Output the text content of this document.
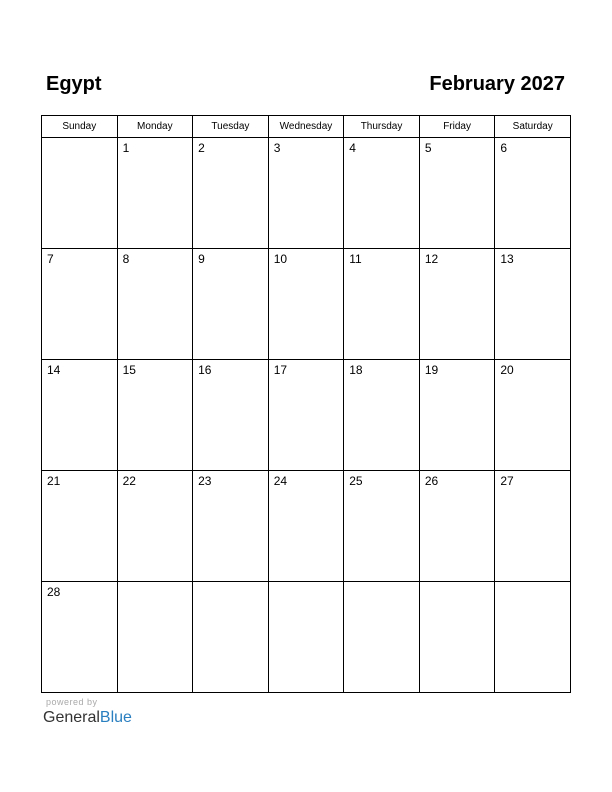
Egypt	February 2027
Sunday	Monday	Tuesday	Wednesday	Thursday	Friday	Saturday

	1	2	3	4	5	6

7	8	9	10	11	12	13

14	15	16	17	18	19	20

21	22	23	24	25	26	27

28						

powered by
GeneralBlue
